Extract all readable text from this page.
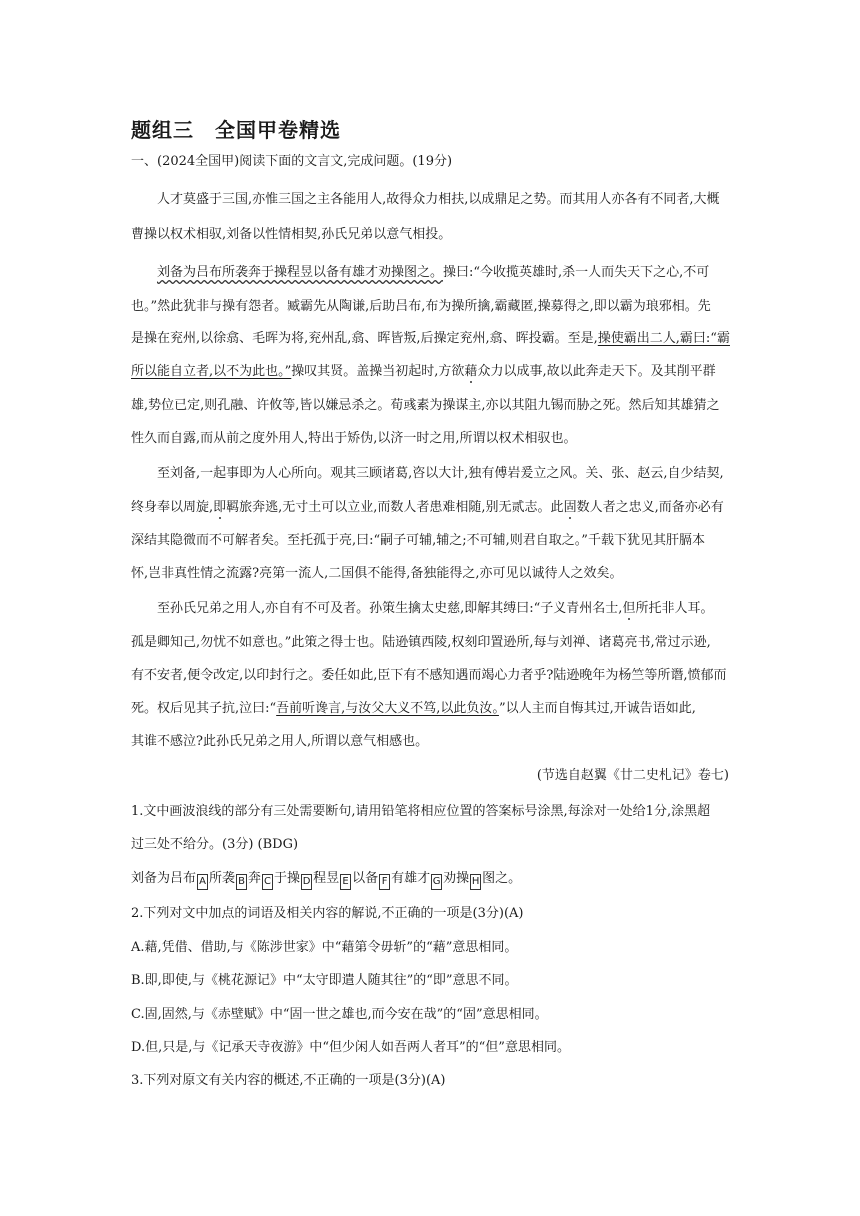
题组三　全国甲卷精选
一、(2024全国甲)阅读下面的文言文,完成问题。(19分)
人才莫盛于三国,亦惟三国之主各能用人,故得众力相扶,以成鼎足之势。而其用人亦各有不同者,大概
曹操以权术相驭,刘备以性情相契,孙氏兄弟以意气相投。
刘备为吕布所袭奔于操程昱以备有雄才劝操图之。操曰:“今收揽英雄时,杀一人而失天下之心,不可
也。”然此犹非与操有怨者。臧霸先从陶谦,后助吕布,布为操所擒,霸藏匿,操募得之,即以霸为琅邪相。先
是操在兖州,以徐翕、毛晖为将,兖州乱,翕、晖皆叛,后操定兖州,翕、晖投霸。至是,操使霸出二人,霸曰:“霸
所以能自立者,以不为此也。”操叹其贤。盖操当初起时,方欲藉众力以成事,故以此奔走天下。及其削平群
雄,势位已定,则孔融、许攸等,皆以嫌忌杀之。荀彧素为操谋主,亦以其阻九锡而胁之死。然后知其雄猜之
性久而自露,而从前之度外用人,特出于矫伪,以济一时之用,所谓以权术相驭也。
至刘备,一起事即为人心所向。观其三顾诸葛,咨以大计,独有傅岩爰立之风。关、张、赵云,自少结契,
终身奉以周旋,即羁旅奔逃,无寸土可以立业,而数人者患难相随,别无贰志。此固数人者之忠义,而备亦必有
深结其隐微而不可解者矣。至托孤于亮,曰:“嗣子可辅,辅之;不可辅,则君自取之。”千载下犹见其肝膈本
怀,岂非真性情之流露?亮第一流人,二国俱不能得,备独能得之,亦可见以诚待人之效矣。
至孙氏兄弟之用人,亦自有不可及者。孙策生擒太史慈,即解其缚曰:“子义青州名士,但所托非人耳。
孤是卿知己,勿忧不如意也。”此策之得士也。陆逊镇西陵,权刻印置逊所,每与刘禅、诸葛亮书,常过示逊,
有不安者,便令改定,以印封行之。委任如此,臣下有不感知遇而竭心力者乎?陆逊晚年为杨竺等所谮,愤郁而
死。权后见其子抗,泣曰:“吾前听谗言,与汝父大义不笃,以此负汝。”以人主而自悔其过,开诚告语如此,
其谁不感泣?此孙氏兄弟之用人,所谓以意气相感也。
(节选自赵翼《廿二史札记》卷七)
1.文中画波浪线的部分有三处需要断句,请用铅笔将相应位置的答案标号涂黑,每涂对一处给1分,涂黑超
过三处不给分。(3分) (BDG)
刘备为吕布 A 所袭 B 奔 C 于操 D 程昱 E 以备 F 有雄才 G 劝操 H 图之。
2.下列对文中加点的词语及相关内容的解说,不正确的一项是(3分)(A)
A.藉,凭借、借助,与《陈涉世家》中“藉第令毋斩”的“藉”意思相同。
B.即,即使,与《桃花源记》中“太守即遣人随其往”的“即”意思不同。
C.固,固然,与《赤壁赋》中“固一世之雄也,而今安在哉”的“固”意思相同。
D.但,只是,与《记承天寺夜游》中“但少闲人如吾两人者耳”的“但”意思相同。
3.下列对原文有关内容的概述,不正确的一项是(3分)(A)
